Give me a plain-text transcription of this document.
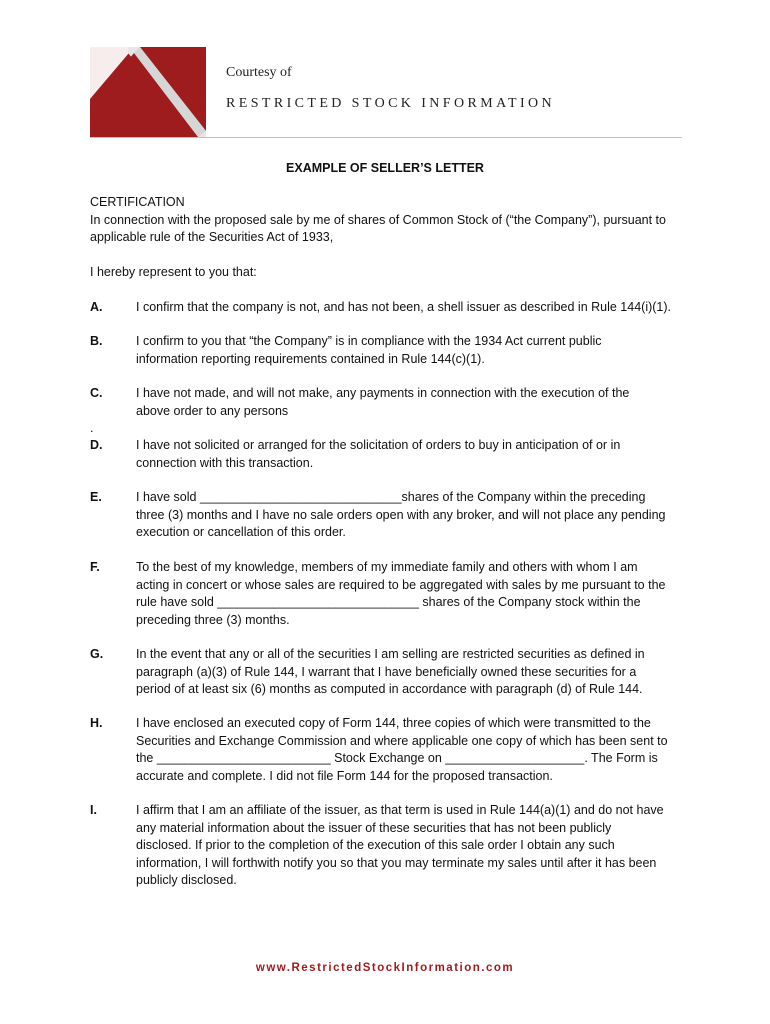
Courtesy of
RESTRICTED STOCK INFORMATION
EXAMPLE OF SELLER’S LETTER
CERTIFICATION
In connection with the proposed sale by me of shares of Common Stock of (“the Company”), pursuant to
applicable rule of the Securities Act of 1933,
I hereby represent to you that:
A.	I confirm that the company is not, and has not been, a shell issuer as described in Rule 144(i)(1).
B.	I confirm to you that “the Company” is in compliance with the 1934 Act current public
information reporting requirements contained in Rule 144(c)(1).
C.	I have not made, and will not make, any payments in connection with the execution of the
above order to any persons
.
D.	I have not solicited or arranged for the solicitation of orders to buy in anticipation of or in
connection with this transaction.
E.	I have sold _____________________________shares of the Company within the preceding
three (3) months and I have no sale orders open with any broker, and will not place any pending
execution or cancellation of this order.
F.	To the best of my knowledge, members of my immediate family and others with whom I am
acting in concert or whose sales are required to be aggregated with sales by me pursuant to the
rule have sold _____________________________ shares of the Company stock within the
preceding three (3) months.
G.	In the event that any or all of the securities I am selling are restricted securities as defined in
paragraph (a)(3) of Rule 144, I warrant that I have beneficially owned these securities for a
period of at least six (6) months as computed in accordance with paragraph (d) of Rule 144.
H.	I have enclosed an executed copy of Form 144, three copies of which were transmitted to the
Securities and Exchange Commission and where applicable one copy of which has been sent to
the _________________________ Stock Exchange on ____________________. The Form is
accurate and complete. I did not file Form 144 for the proposed transaction.
I.	I affirm that I am an affiliate of the issuer, as that term is used in Rule 144(a)(1) and do not have
any material information about the issuer of these securities that has not been publicly
disclosed. If prior to the completion of the execution of this sale order I obtain any such
information, I will forthwith notify you so that you may terminate my sales until after it has been
publicly disclosed.
www.RestrictedStockInformation.com
